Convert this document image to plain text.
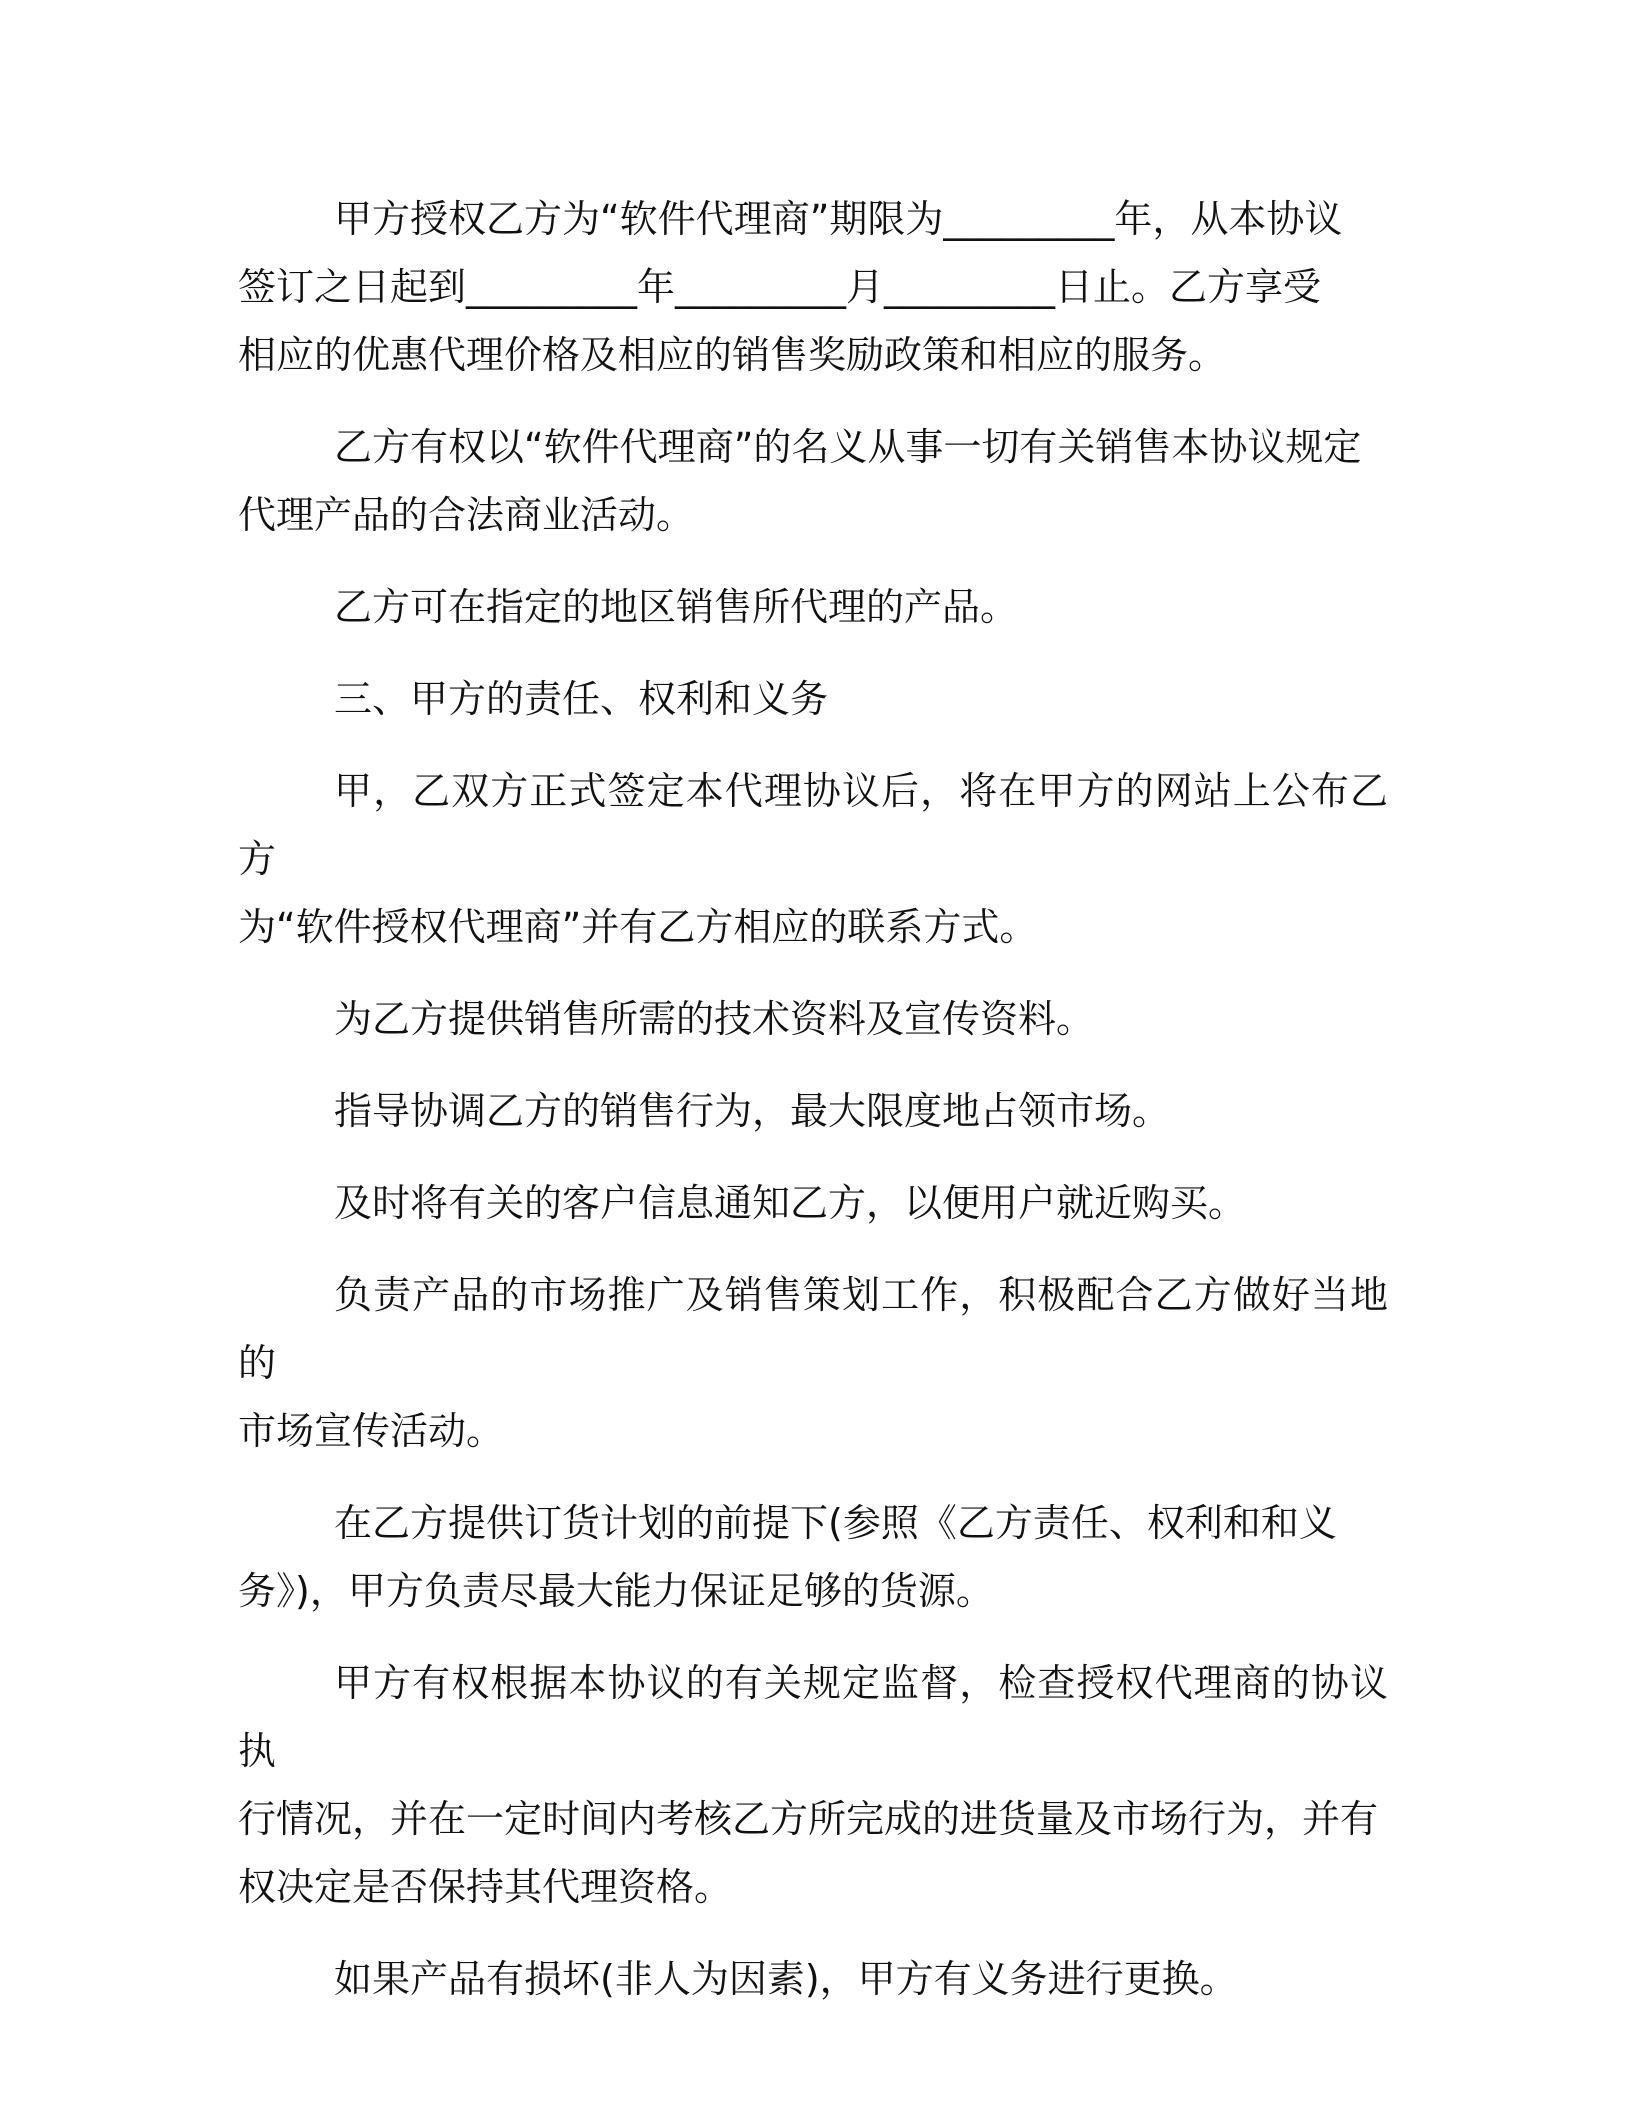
甲方授权乙方为“软件代理商”期限为_________年，从本协议
签订之日起到_________年_________月_________日止。乙方享受
相应的优惠代理价格及相应的销售奖励政策和相应的服务。

乙方有权以“软件代理商”的名义从事一切有关销售本协议规定
代理产品的合法商业活动。

乙方可在指定的地区销售所代理的产品。

三、甲方的责任、权利和义务

甲，乙双方正式签定本代理协议后，将在甲方的网站上公布乙方
为“软件授权代理商”并有乙方相应的联系方式。

为乙方提供销售所需的技术资料及宣传资料。

指导协调乙方的销售行为，最大限度地占领市场。

及时将有关的客户信息通知乙方，以便用户就近购买。

负责产品的市场推广及销售策划工作，积极配合乙方做好当地的
市场宣传活动。

在乙方提供订货计划的前提下(参照《乙方责任、权利和和义
务》)，甲方负责尽最大能力保证足够的货源。

甲方有权根据本协议的有关规定监督，检查授权代理商的协议执
行情况，并在一定时间内考核乙方所完成的进货量及市场行为，并有
权决定是否保持其代理资格。

如果产品有损坏(非人为因素)，甲方有义务进行更换。
